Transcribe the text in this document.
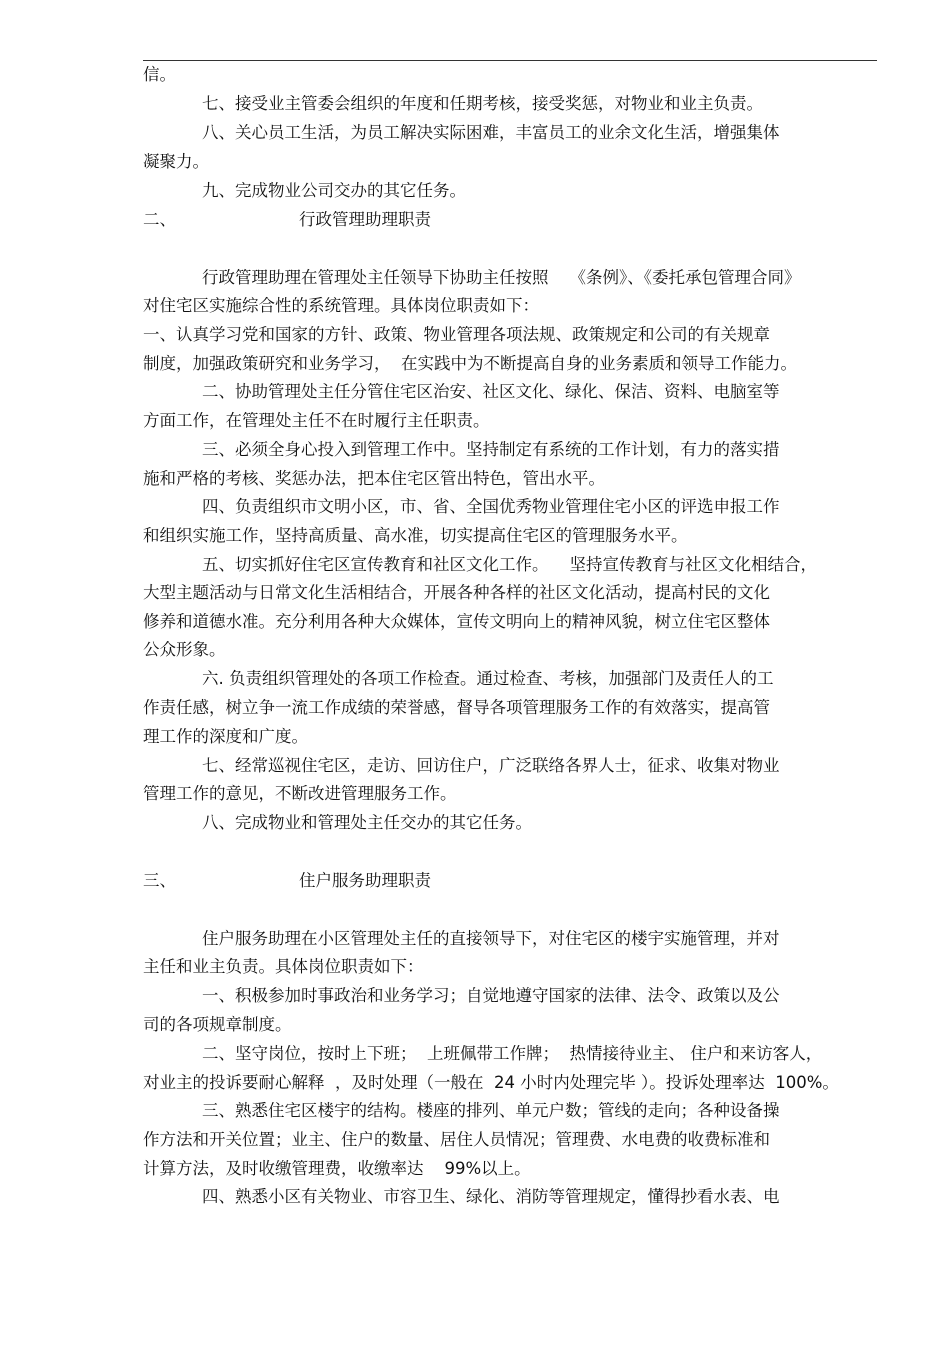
信。
七、接受业主管委会组织的年度和任期考核，接受奖惩，对物业和业主负责。
八、关心员工生活，为员工解决实际困难，丰富员工的业余文化生活，增强集体
凝聚力。
九、完成物业公司交办的其它任务。
二、	行政管理助理职责
行政管理助理在管理处主任领导下协助主任按照    《条例》、《委托承包管理合同》
对住宅区实施综合性的系统管理。具体岗位职责如下：
一、认真学习党和国家的方针、政策、物业管理各项法规、政策规定和公司的有关规章
制度，加强政策研究和业务学习，  在实践中为不断提高自身的业务素质和领导工作能力。
二、协助管理处主任分管住宅区治安、社区文化、绿化、保洁、资料、电脑室等
方面工作，在管理处主任不在时履行主任职责。
三、必须全身心投入到管理工作中。坚持制定有系统的工作计划，有力的落实措
施和严格的考核、奖惩办法，把本住宅区管出特色，管出水平。
四、负责组织市文明小区，市、省、全国优秀物业管理住宅小区的评选申报工作
和组织实施工作，坚持高质量、高水准，切实提高住宅区的管理服务水平。
五、切实抓好住宅区宣传教育和社区文化工作。    坚持宣传教育与社区文化相结合，
大型主题活动与日常文化生活相结合，开展各种各样的社区文化活动，提高村民的文化
修养和道德水准。充分利用各种大众媒体，宣传文明向上的精神风貌，树立住宅区整体
公众形象。
六. 负责组织管理处的各项工作检查。通过检查、考核，加强部门及责任人的工
作责任感，树立争一流工作成绩的荣誉感，督导各项管理服务工作的有效落实，提高管
理工作的深度和广度。
七、经常巡视住宅区，走访、回访住户，广泛联络各界人士，征求、收集对物业
管理工作的意见，不断改进管理服务工作。
八、完成物业和管理处主任交办的其它任务。
三、	住户服务助理职责
住户服务助理在小区管理处主任的直接领导下，对住宅区的楼宇实施管理，并对
主任和业主负责。具体岗位职责如下：
一、积极参加时事政治和业务学习；自觉地遵守国家的法律、法令、政策以及公
司的各项规章制度。
二、坚守岗位，按时上下班；  上班佩带工作牌；  热情接待业主、 住户和来访客人，
对业主的投诉要耐心解释  ，及时处理（一般在  24 小时内处理完毕 ）。投诉处理率达  100%。
三、熟悉住宅区楼宇的结构。楼座的排列、单元户数；管线的走向；各种设备操
作方法和开关位置；业主、住户的数量、居住人员情况；管理费、水电费的收费标准和
计算方法，及时收缴管理费，收缴率达    99%以上。
四、熟悉小区有关物业、市容卫生、绿化、消防等管理规定，懂得抄看水表、电
